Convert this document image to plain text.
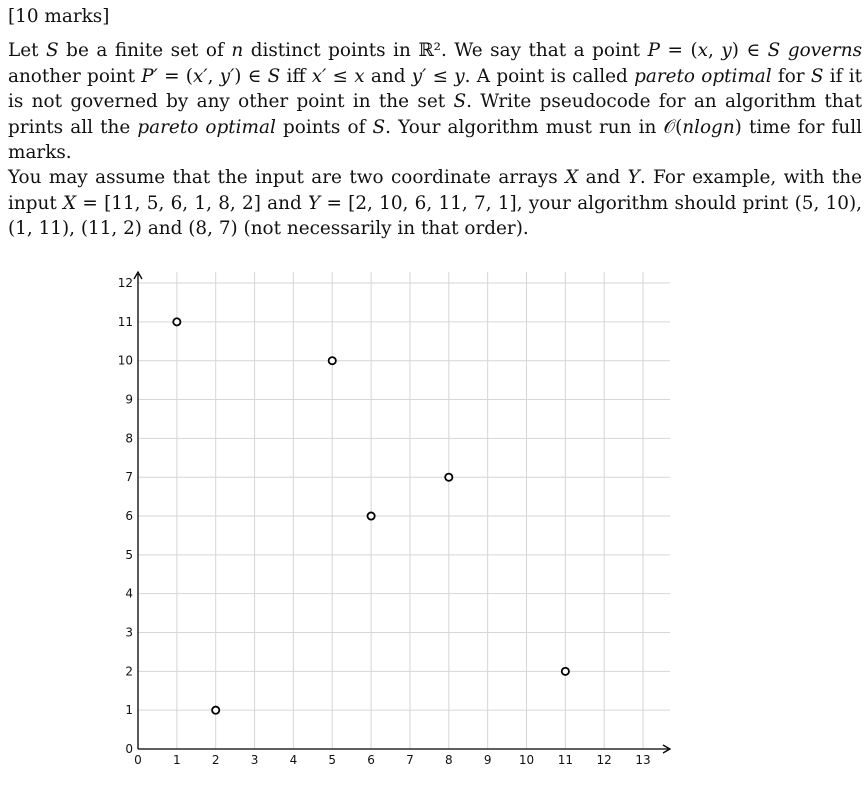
[10 marks]
Let S be a finite set of n distinct points in ℝ². We say that a point P = (x, y) ∈ S governs another point P′ = (x′, y′) ∈ S iff x′ ≤ x and y′ ≤ y. A point is called pareto optimal for S if it is not governed by any other point in the set S. Write pseudocode for an algorithm that prints all the pareto optimal points of S. Your algorithm must run in 𝒪(nlogn) time for full marks.
You may assume that the input are two coordinate arrays X and Y. For example, with the input X = [11, 5, 6, 1, 8, 2] and Y = [2, 10, 6, 11, 7, 1], your algorithm should print (5, 10), (1, 11), (11, 2) and (8, 7) (not necessarily in that order).
0	1	2	3	4	5	6	7	8	9 10 11 12 13
0
1
2
3
4
5
6
7
8
9
10
11
12
